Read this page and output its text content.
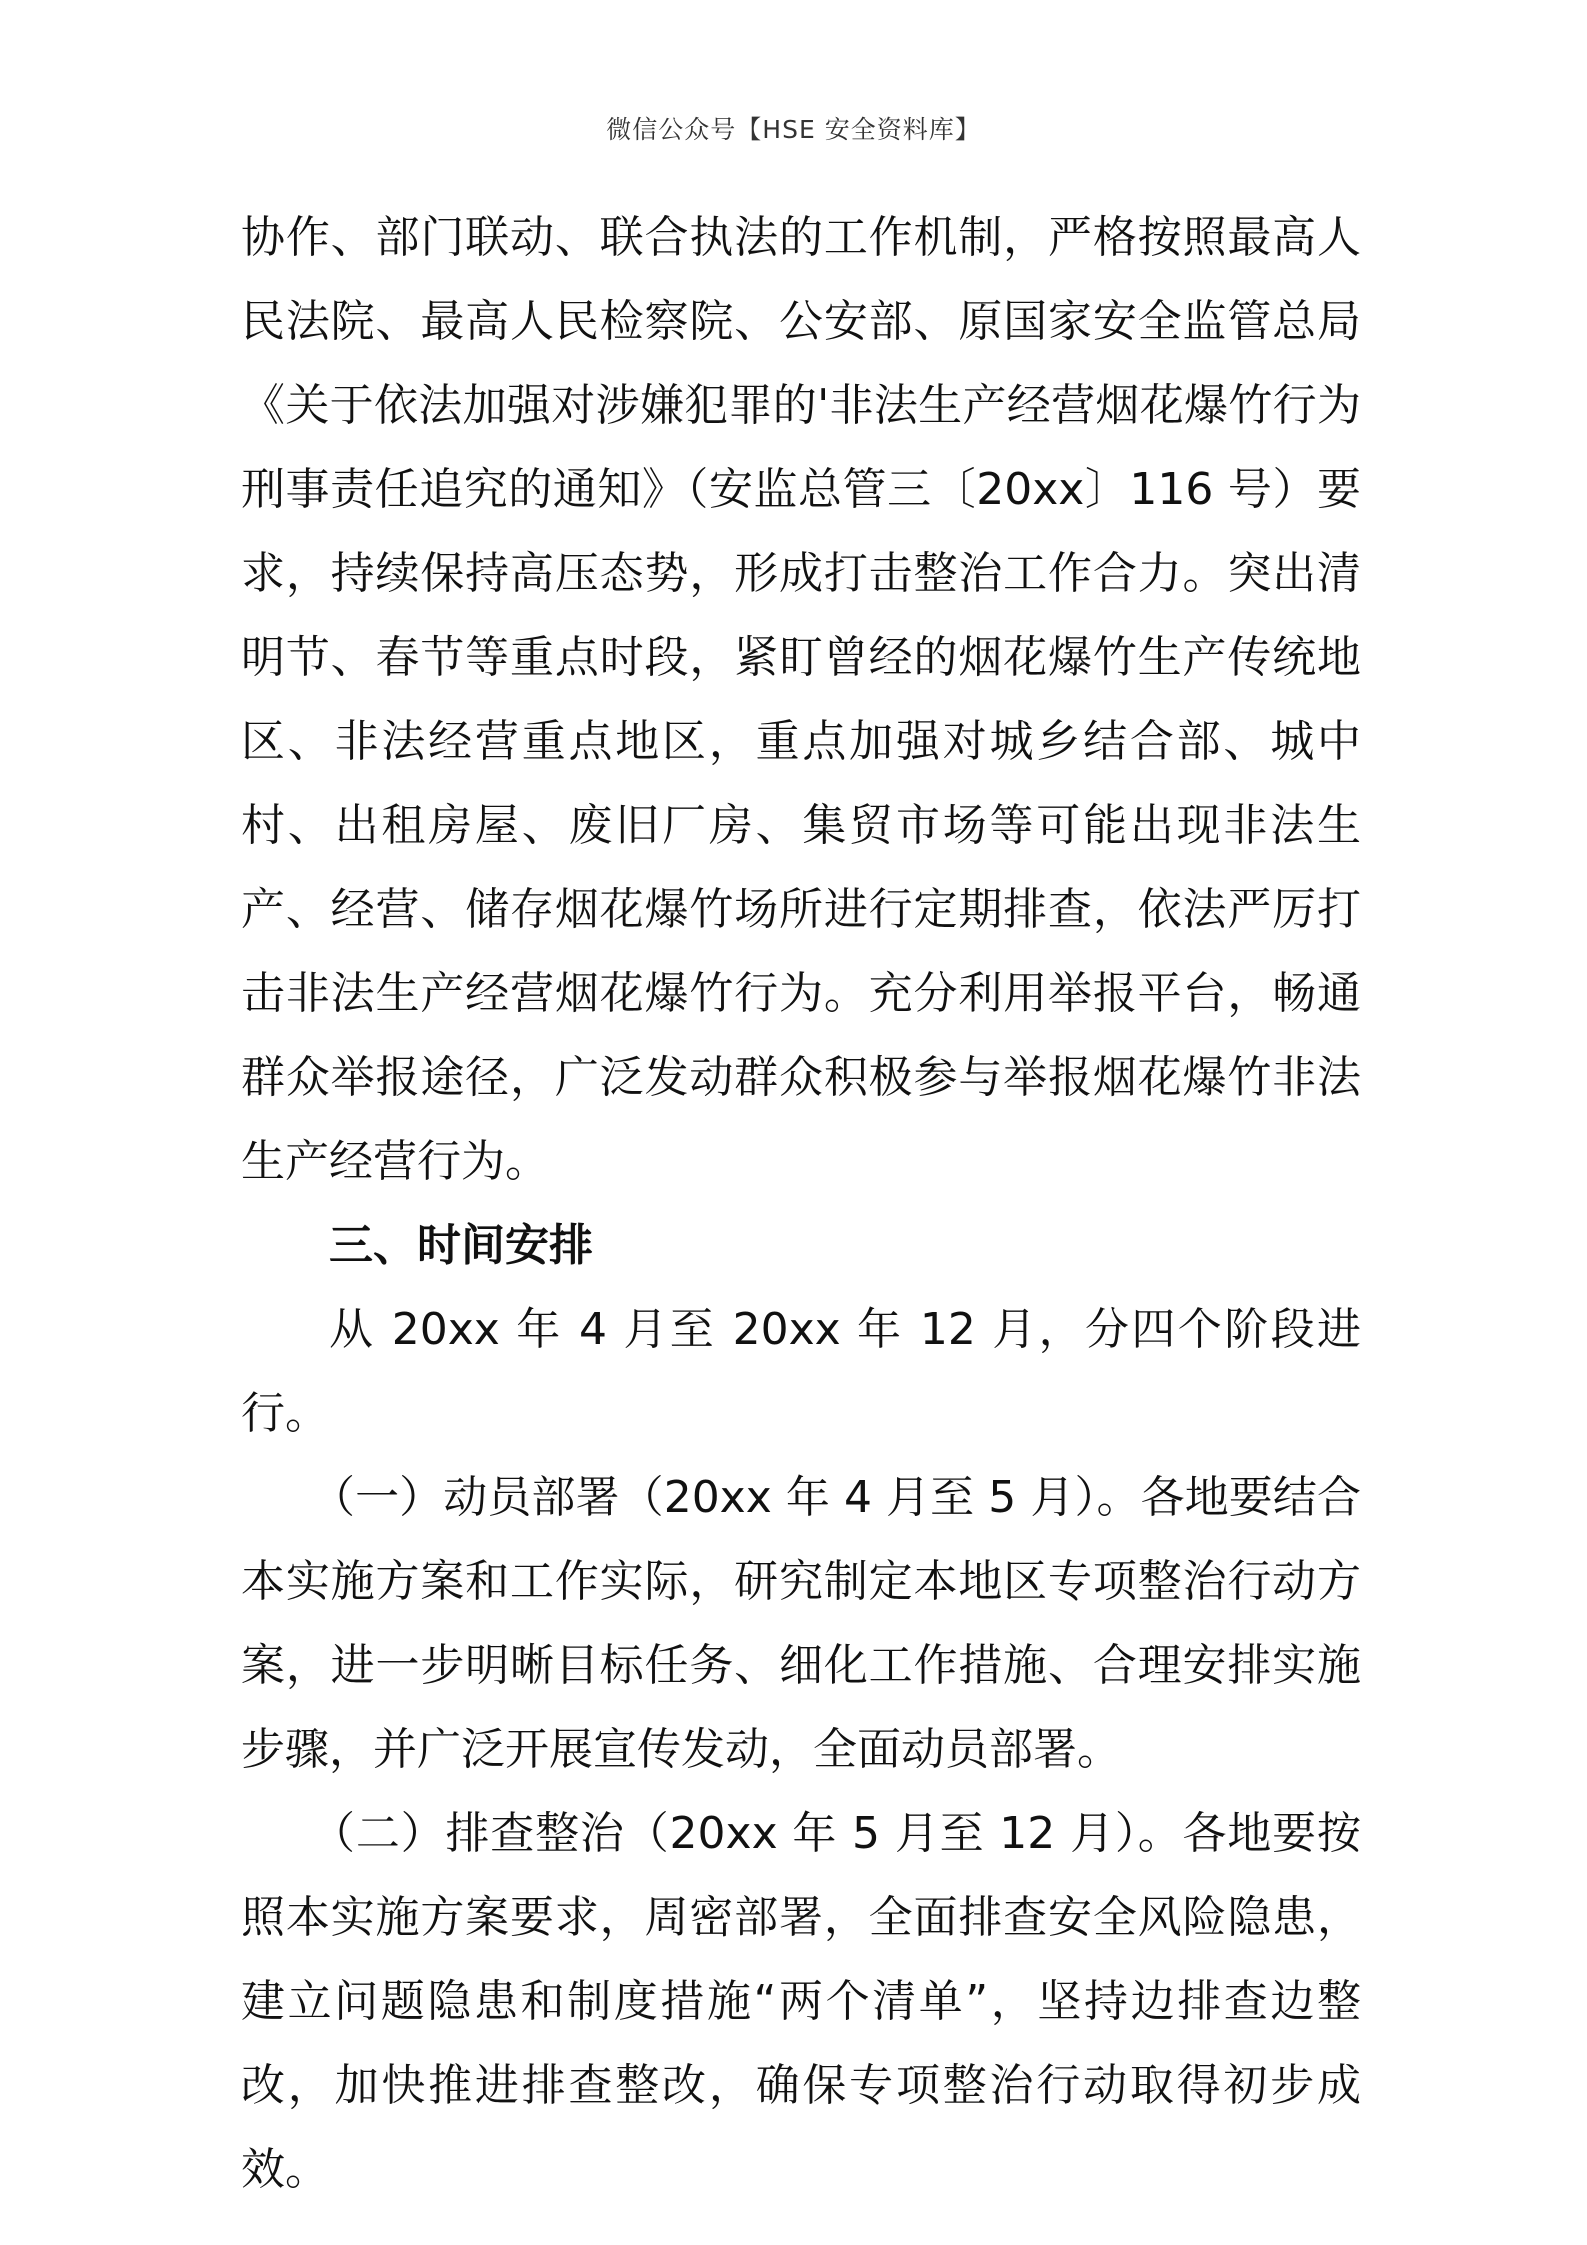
微信公众号【HSE 安全资料库】

协作、部门联动、联合执法的工作机制，严格按照最高人民法院、最高人民检察院、公安部、原国家安全监管总局《关于依法加强对涉嫌犯罪的'非法生产经营烟花爆竹行为刑事责任追究的通知》（安监总管三〔20xx〕116 号）要求，持续保持高压态势，形成打击整治工作合力。突出清明节、春节等重点时段，紧盯曾经的烟花爆竹生产传统地区、非法经营重点地区，重点加强对城乡结合部、城中村、出租房屋、废旧厂房、集贸市场等可能出现非法生产、经营、储存烟花爆竹场所进行定期排查，依法严厉打击非法生产经营烟花爆竹行为。充分利用举报平台，畅通群众举报途径，广泛发动群众积极参与举报烟花爆竹非法生产经营行为。

三、时间安排

从 20xx 年 4 月至 20xx 年 12 月，分四个阶段进行。

（一）动员部署（20xx 年 4 月至 5 月）。各地要结合本实施方案和工作实际，研究制定本地区专项整治行动方案，进一步明晰目标任务、细化工作措施、合理安排实施步骤，并广泛开展宣传发动，全面动员部署。

（二）排查整治（20xx 年 5 月至 12 月）。各地要按照本实施方案要求，周密部署，全面排查安全风险隐患，建立问题隐患和制度措施“两个清单”，坚持边排查边整改，加快推进排查整改，确保专项整治行动取得初步成效。
